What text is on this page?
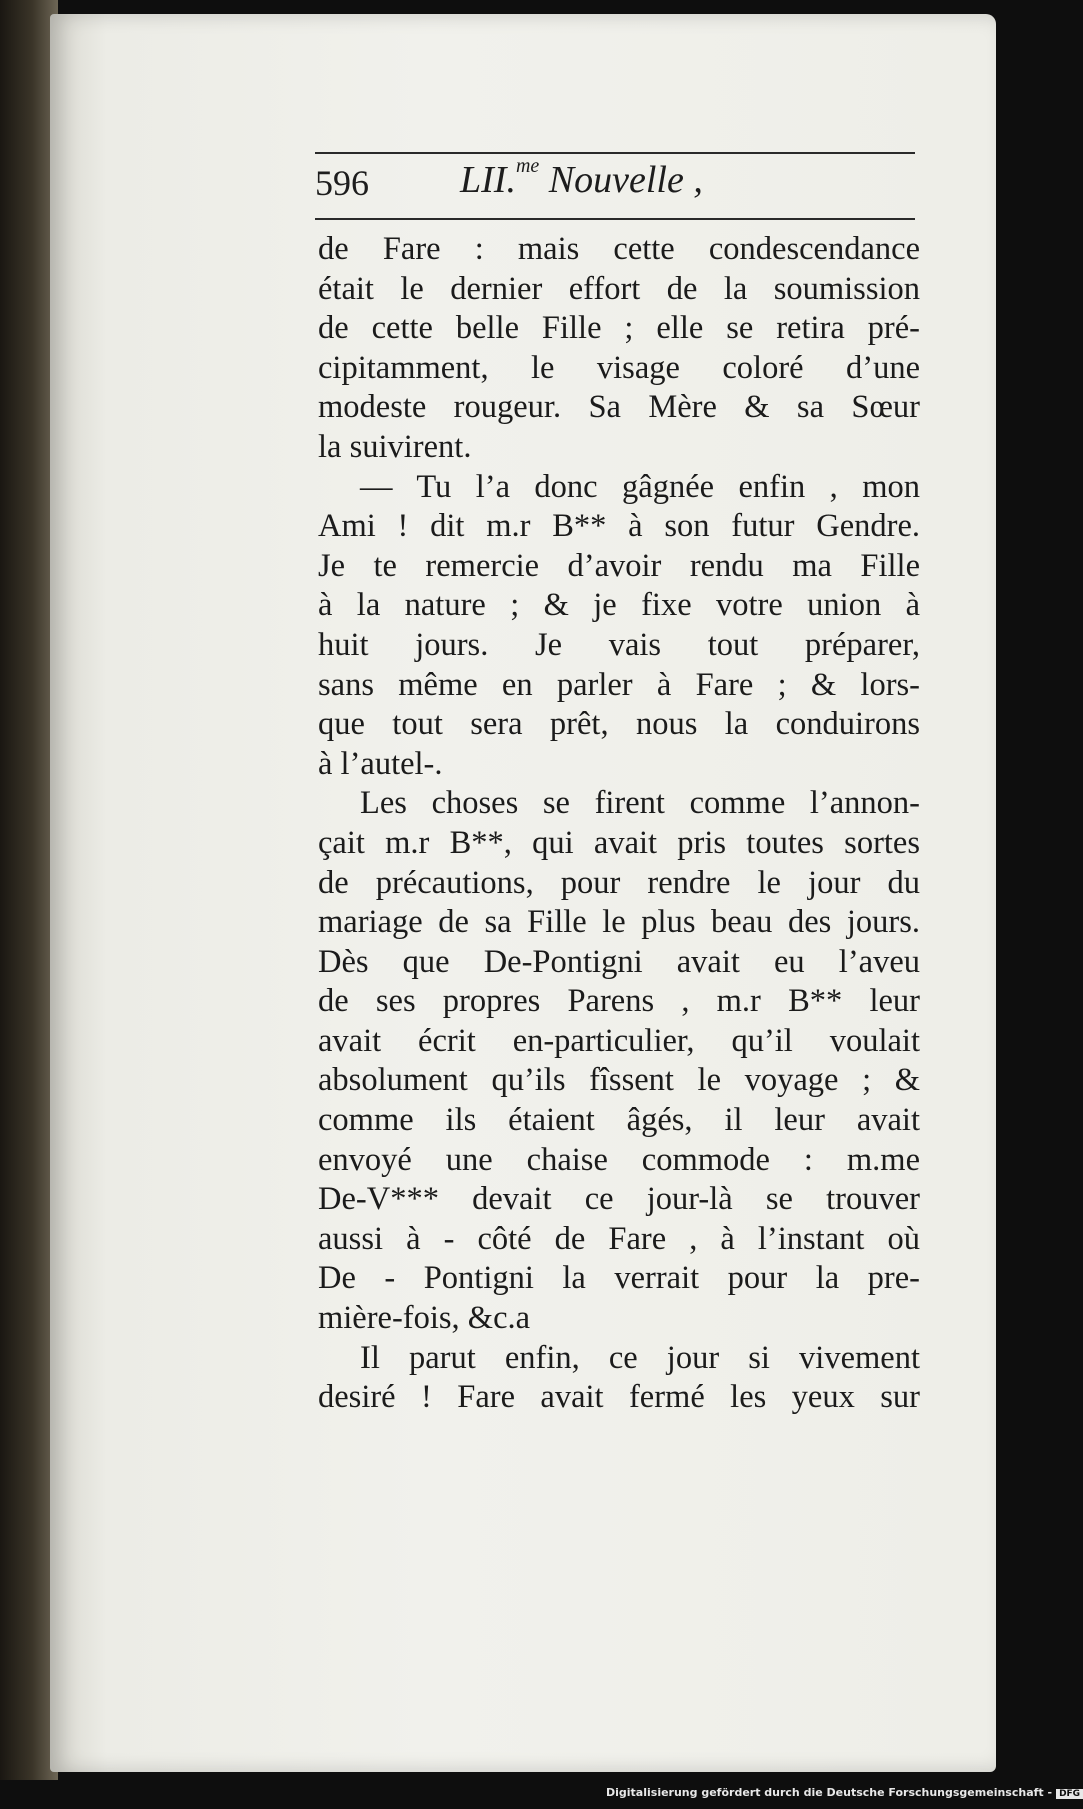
596 LII.$^{me}$ Nouvelle ,
de Fare : mais cette condescendance
était le dernier effort de la soumission
de cette belle Fille ; elle se retira pré-
cipitamment, le visage coloré d’une
modeste rougeur. Sa Mère & sa Sœur
la suivirent.
— Tu l’a donc gâgnée enfin , mon
Ami ! dit m.r B** à son futur Gendre.
Je te remercie d’avoir rendu ma Fille
à la nature ; & je fixe votre union à
huit jours. Je vais tout préparer,
sans même en parler à Fare ; & lors-
que tout sera prêt, nous la conduirons
à l’autel-.
Les choses se firent comme l’annon-
çait m.r B**, qui avait pris toutes sortes
de précautions, pour rendre le jour du
mariage de sa Fille le plus beau des jours.
Dès que De-Pontigni avait eu l’aveu
de ses propres Parens , m.r B** leur
avait écrit en-particulier, qu’il voulait
absolument qu’ils fîssent le voyage ; &
comme ils étaient âgés, il leur avait
envoyé une chaise commode : m.me
De-V*** devait ce jour-là se trouver
aussi à - côté de Fare , à l’instant où
De - Pontigni la verrait pour la pre-
mière-fois, &c.a
Il parut enfin, ce jour si vivement
desiré ! Fare avait fermé les yeux sur
Digitalisierung gefördert durch die Deutsche Forschungsgemeinschaft - DFG
